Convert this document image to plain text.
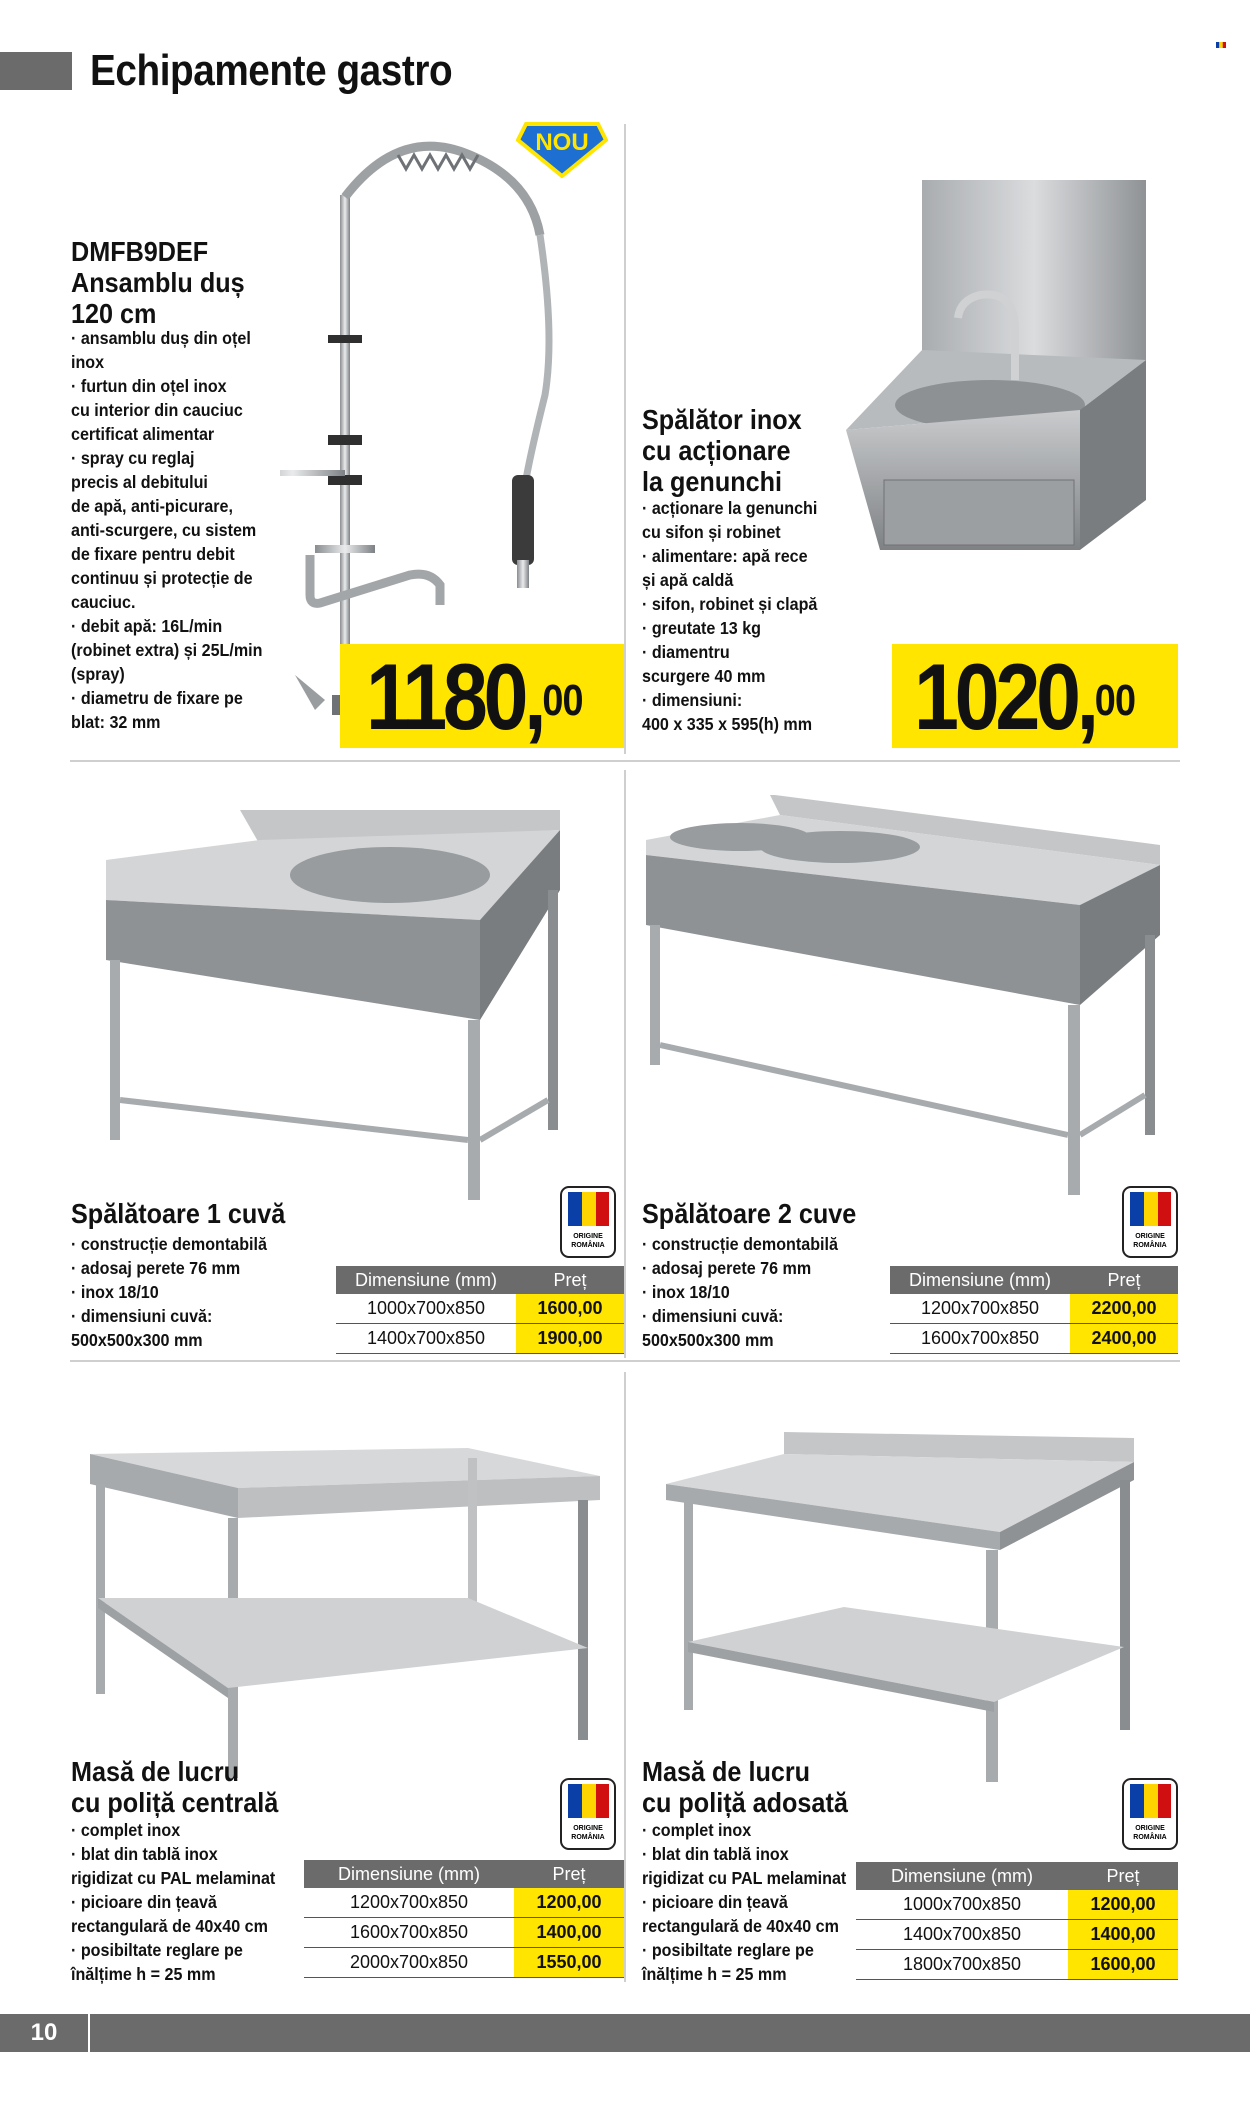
Echipamente gastro
NOU
DMFB9DEF
Ansamblu duș
120 cm
· ansamblu duș din oțel
inox
· furtun din oțel inox
cu interior din cauciuc
certificat alimentar
· spray cu reglaj
precis al debitului
de apă, anti-picurare,
anti-scurgere, cu sistem
de fixare pentru debit
continuu și protecție de
cauciuc.
· debit apă: 16L/min
(robinet extra) și 25L/min
(spray)
· diametru de fixare pe
blat: 32 mm	1180,00
Spălător inox
cu acționare
la genunchi
· acționare la genunchi
cu sifon și robinet
· alimentare: apă rece
și apă caldă
· sifon, robinet și clapă
· greutate 13 kg
· diamentru
scurgere 40 mm
· dimensiuni:
400 x 335 x 595(h) mm 1020,00
Spălătoare 1 cuvă
· construcție demontabilă
· adosaj perete 76 mm
· inox 18/10
· dimensiuni cuvă:
500x500x300 mm
ORIGINE
ROMÂNIA
Dimensiune (mm)	Preț
1000x700x850	1600,00
1400x700x850	1900,00
Spălătoare 2 cuve
· construcție demontabilă
· adosaj perete 76 mm
· inox 18/10
· dimensiuni cuvă:
500x500x300 mm
ORIGINE
ROMÂNIA
Dimensiune (mm)	Preț
1200x700x850	2200,00
1600x700x850	2400,00
Masă de lucru
cu poliță centrală
· complet inox
· blat din tablă inox
rigidizat cu PAL melaminat
· picioare din țeavă
rectangulară de 40x40 cm
· posibiltate reglare pe
înălțime h = 25 mm
ORIGINE
ROMÂNIA
Dimensiune (mm)	Preț
1200x700x850	1200,00
1600x700x850	1400,00
2000x700x850	1550,00
Masă de lucru
cu poliță adosată
· complet inox
· blat din tablă inox
rigidizat cu PAL melaminat
· picioare din țeavă
rectangulară de 40x40 cm
· posibiltate reglare pe
înălțime h = 25 mm
ORIGINE
ROMÂNIA
Dimensiune (mm)	Preț
1000x700x850	1200,00
1400x700x850	1400,00
1800x700x850	1600,00
10
